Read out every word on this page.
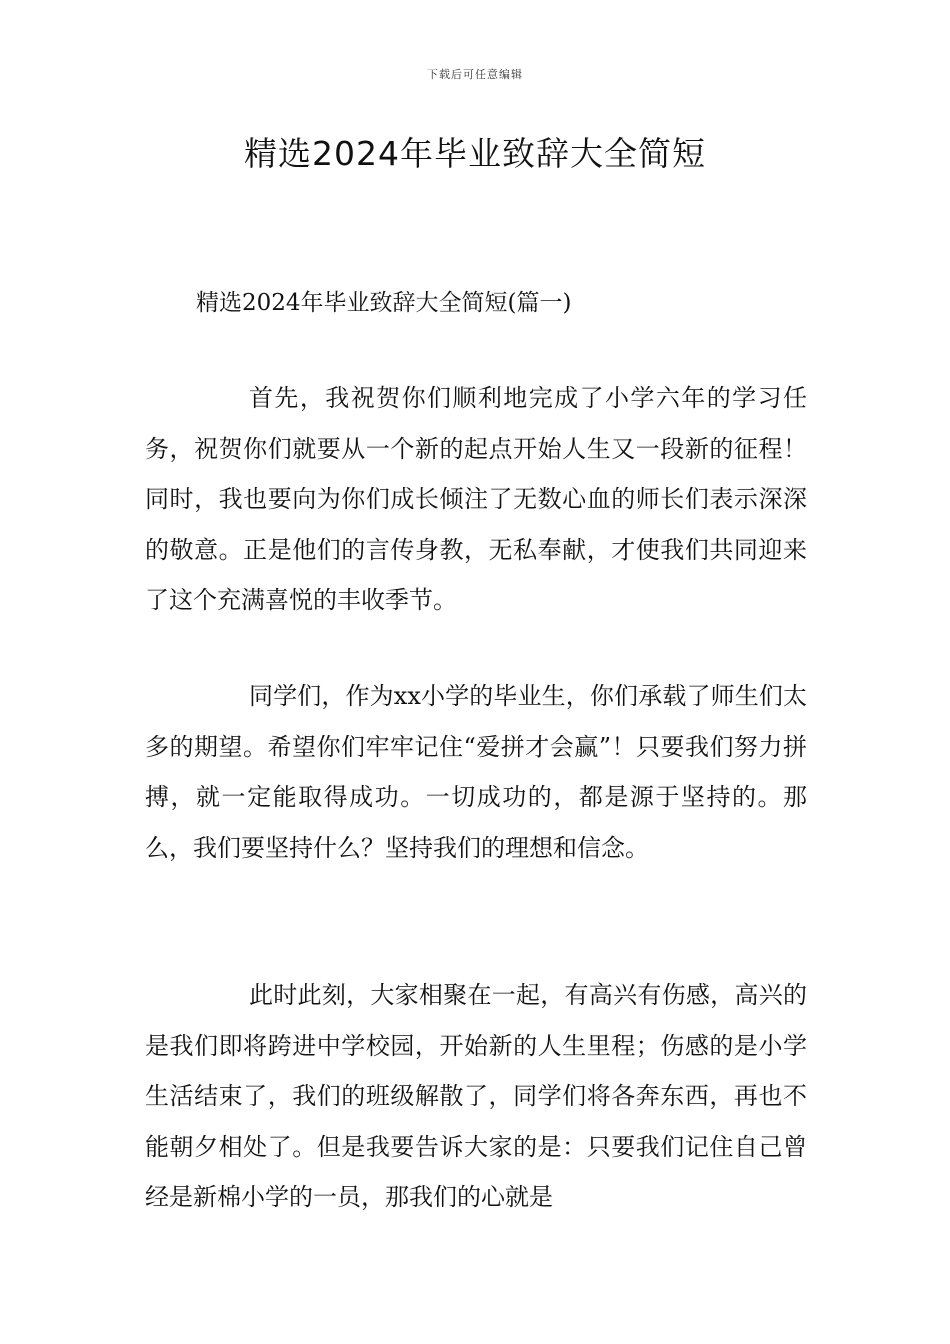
下载后可任意编辑
精选2024年毕业致辞大全简短
精选2024年毕业致辞大全简短(篇一)

首先，我祝贺你们顺利地完成了小学六年的学习任务，祝贺你们就要从一个新的起点开始人生又一段新的征程！同时，我也要向为你们成长倾注了无数心血的师长们表示深深的敬意。正是他们的言传身教，无私奉献，才使我们共同迎来了这个充满喜悦的丰收季节。

同学们，作为xx小学的毕业生，你们承载了师生们太多的期望。希望你们牢牢记住“爱拼才会赢”！只要我们努力拼搏，就一定能取得成功。一切成功的，都是源于坚持的。那么，我们要坚持什么？坚持我们的理想和信念。

此时此刻，大家相聚在一起，有高兴有伤感，高兴的是我们即将跨进中学校园，开始新的人生里程；伤感的是小学生活结束了，我们的班级解散了，同学们将各奔东西，再也不能朝夕相处了。但是我要告诉大家的是：只要我们记住自己曾经是新棉小学的一员，那我们的心就是
